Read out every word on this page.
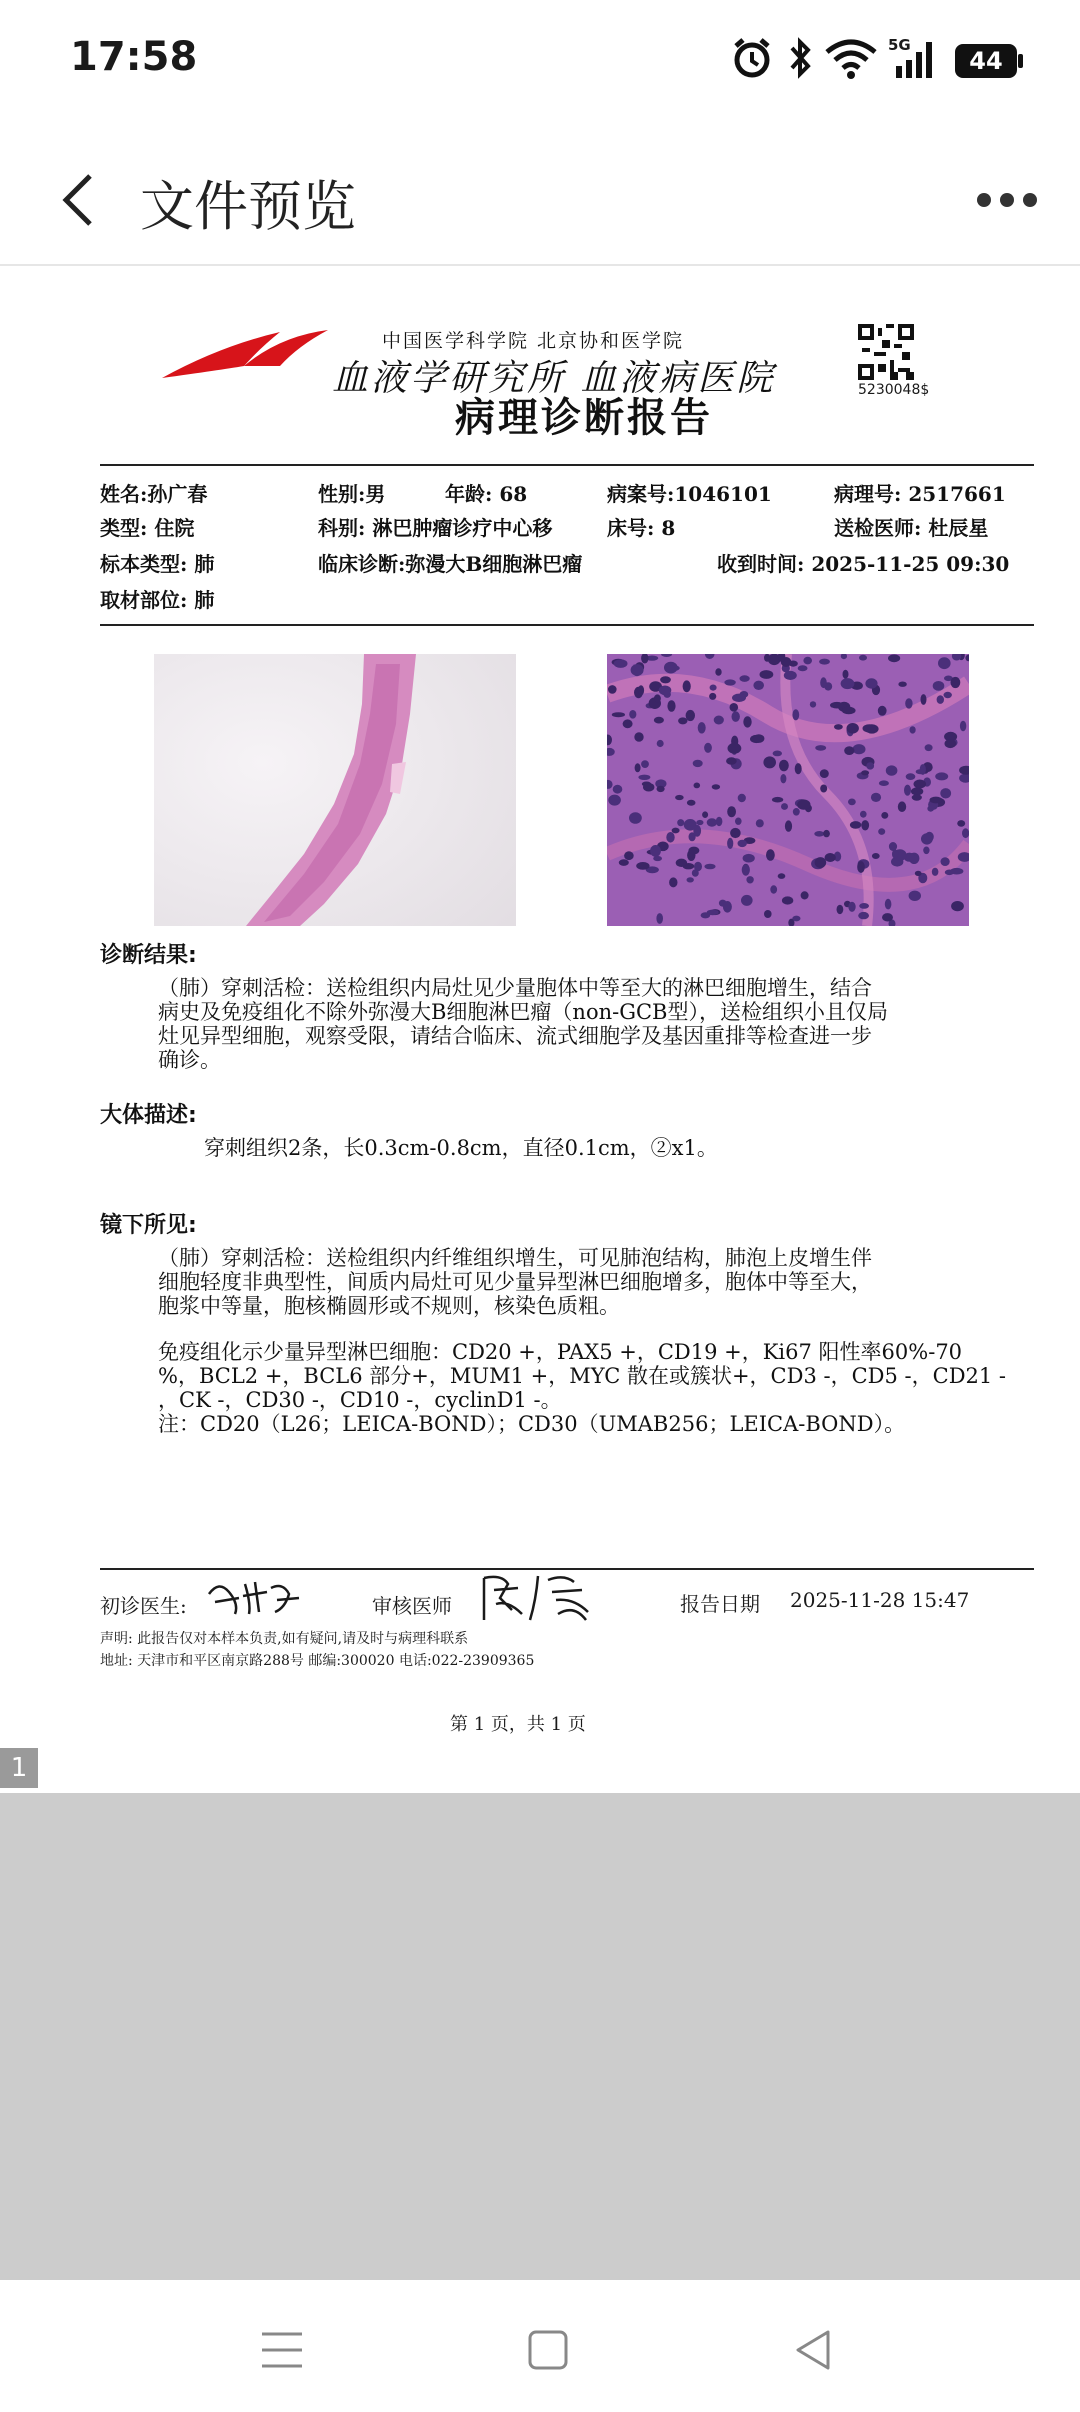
17:58	5G
44
文件预览
中国医学科学院 北京协和医学院
血液学研究所 血液病医院
病理诊断报告
5230048$
姓名:孙广春	性别:男	年龄: 68	病案号:1046101	病理号: 2517661
类型: 住院	科别: 淋巴肿瘤诊疗中心移	床号: 8	送检医师: 杜辰星
标本类型: 肺	临床诊断:弥漫大B细胞淋巴瘤	收到时间: 2025-11-25 09:30
取材部位: 肺
诊断结果:
（肺）穿刺活检：送检组织内局灶见少量胞体中等至大的淋巴细胞增生，结合
病史及免疫组化不除外弥漫大B细胞淋巴瘤（non-GCB型），送检组织小且仅局
灶见异型细胞，观察受限，请结合临床、流式细胞学及基因重排等检查进一步
确诊。
大体描述:
穿刺组织2条，长0.3cm-0.8cm，直径0.1cm，②x1。
镜下所见:
（肺）穿刺活检：送检组织内纤维组织增生，可见肺泡结构，肺泡上皮增生伴
细胞轻度非典型性，间质内局灶可见少量异型淋巴细胞增多，胞体中等至大，
胞浆中等量，胞核椭圆形或不规则，核染色质粗。
免疫组化示少量异型淋巴细胞：CD20 +，PAX5 +，CD19 +，Ki67 阳性率60%-70
%，BCL2 +，BCL6 部分+，MUM1 +，MYC 散在或簇状+，CD3 -，CD5 -，CD21 -
，CK -，CD30 -，CD10 -，cyclinD1 -。
注：CD20（L26；LEICA-BOND）；CD30（UMAB256；LEICA-BOND）。
初诊医生:	审核医师	报告日期 2025-11-28 15:47
声明: 此报告仅对本样本负责,如有疑问,请及时与病理科联系
地址: 天津市和平区南京路288号 邮编:300020 电话:022-23909365
第 1 页，共 1 页
1
